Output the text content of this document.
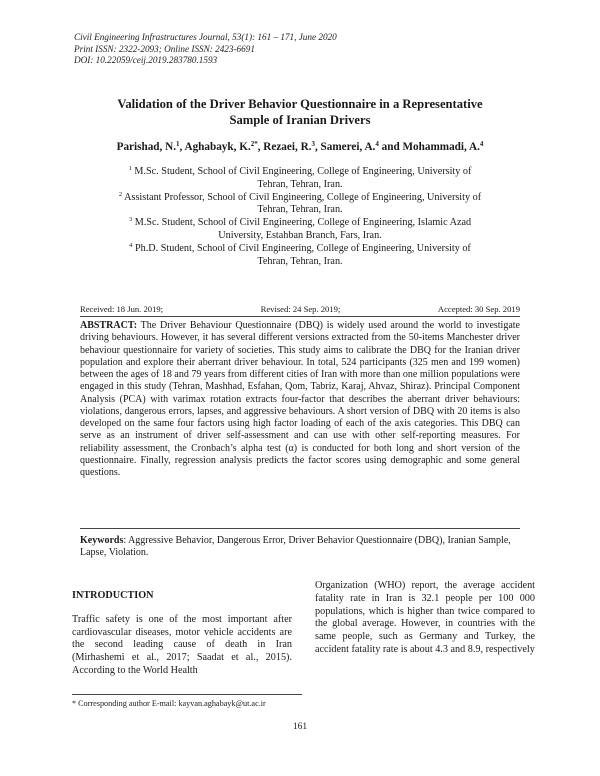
Civil Engineering Infrastructures Journal, 53(1): 161 – 171, June 2020
Print ISSN: 2322-2093; Online ISSN: 2423-6691
DOI: 10.22059/ceij.2019.283780.1593
Validation of the Driver Behavior Questionnaire in a Representative
Sample of Iranian Drivers
Parishad, N.$^1$, Aghabayk, K.$^{2*}$, Rezaei, R.$^3$, Samerei, A.$^4$ and Mohammadi, A.$^4$
$^1$ M.Sc. Student, School of Civil Engineering, College of Engineering, University of
Tehran, Tehran, Iran.
$^2$ Assistant Professor, School of Civil Engineering, College of Engineering, University of
Tehran, Tehran, Iran.
$^3$ M.Sc. Student, School of Civil Engineering, College of Engineering, Islamic Azad
University, Estahban Branch, Fars, Iran.
$^4$ Ph.D. Student, School of Civil Engineering, College of Engineering, University of
Tehran, Tehran, Iran.
Received: 18 Jun. 2019;	Revised: 24 Sep. 2019;	Accepted: 30 Sep. 2019
ABSTRACT: The Driver Behaviour Questionnaire (DBQ) is widely used around the world to investigate driving behaviours. However, it has several different versions extracted from the 50-items Manchester driver behaviour questionnaire for variety of societies. This study aims to calibrate the DBQ for the Iranian driver population and explore their aberrant driver behaviour. In total, 524 participants (325 men and 199 women) between the ages of 18 and 79 years from different cities of Iran with more than one million populations were engaged in this study (Tehran, Mashhad, Esfahan, Qom, Tabriz, Karaj, Ahvaz, Shiraz). Principal Component Analysis (PCA) with varimax rotation extracts four-factor that describes the aberrant driver behaviours: violations, dangerous errors, lapses, and aggressive behaviours. A short version of DBQ with 20 items is also developed on the same four factors using high factor loading of each of the axis categories. This DBQ can serve as an instrument of driver self-assessment and can use with other self-reporting measures. For reliability assessment, the Cronbach’s alpha test (α) is conducted for both long and short version of the questionnaire. Finally, regression analysis predicts the factor scores using demographic and some general questions.
Keywords: Aggressive Behavior, Dangerous Error, Driver Behavior Questionnaire (DBQ), Iranian Sample, Lapse, Violation.
INTRODUCTION
Traffic safety is one of the most important after cardiovascular diseases, motor vehicle accidents are the second leading cause of death in Iran (Mirhashemi et al., 2017; Saadat et al., 2015). According to the World Health
Organization (WHO) report, the average accident fatality rate in Iran is 32.1 people per 100 000 populations, which is higher than twice compared to the global average. However, in countries with the same people, such as Germany and Turkey, the accident fatality rate is about 4.3 and 8.9, respectively
* Corresponding author E-mail: kayvan.aghabayk@ut.ac.ir
161
